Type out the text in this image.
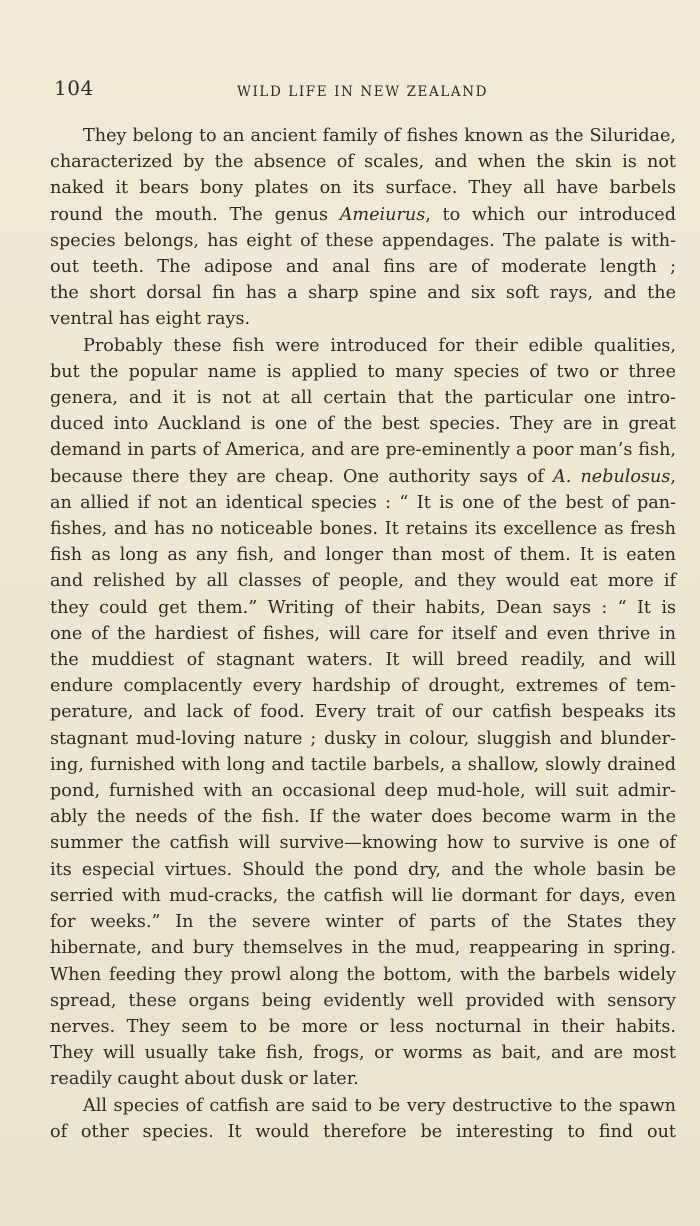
104	WILD LIFE IN NEW ZEALAND
They belong to an ancient family of fishes known as the Siluridae,
characterized by the absence of scales, and when the skin is not
naked it bears bony plates on its surface. They all have barbels
round the mouth. The genus Ameiurus, to which our introduced
species belongs, has eight of these appendages. The palate is with-
out teeth. The adipose and anal fins are of moderate length ;
the short dorsal fin has a sharp spine and six soft rays, and the
ventral has eight rays.
Probably these fish were introduced for their edible qualities,
but the popular name is applied to many species of two or three
genera, and it is not at all certain that the particular one intro-
duced into Auckland is one of the best species. They are in great
demand in parts of America, and are pre-eminently a poor man’s fish,
because there they are cheap. One authority says of A. nebulosus,
an allied if not an identical species : “ It is one of the best of pan-
fishes, and has no noticeable bones. It retains its excellence as fresh
fish as long as any fish, and longer than most of them. It is eaten
and relished by all classes of people, and they would eat more if
they could get them.” Writing of their habits, Dean says : “ It is
one of the hardiest of fishes, will care for itself and even thrive in
the muddiest of stagnant waters. It will breed readily, and will
endure complacently every hardship of drought, extremes of tem-
perature, and lack of food. Every trait of our catfish bespeaks its
stagnant mud-loving nature ; dusky in colour, sluggish and blunder-
ing, furnished with long and tactile barbels, a shallow, slowly drained
pond, furnished with an occasional deep mud-hole, will suit admir-
ably the needs of the fish. If the water does become warm in the
summer the catfish will survive—knowing how to survive is one of
its especial virtues. Should the pond dry, and the whole basin be
serried with mud-cracks, the catfish will lie dormant for days, even
for weeks.” In the severe winter of parts of the States they
hibernate, and bury themselves in the mud, reappearing in spring.
When feeding they prowl along the bottom, with the barbels widely
spread, these organs being evidently well provided with sensory
nerves. They seem to be more or less nocturnal in their habits.
They will usually take fish, frogs, or worms as bait, and are most
readily caught about dusk or later.
All species of catfish are said to be very destructive to the spawn
of other species. It would therefore be interesting to find out
